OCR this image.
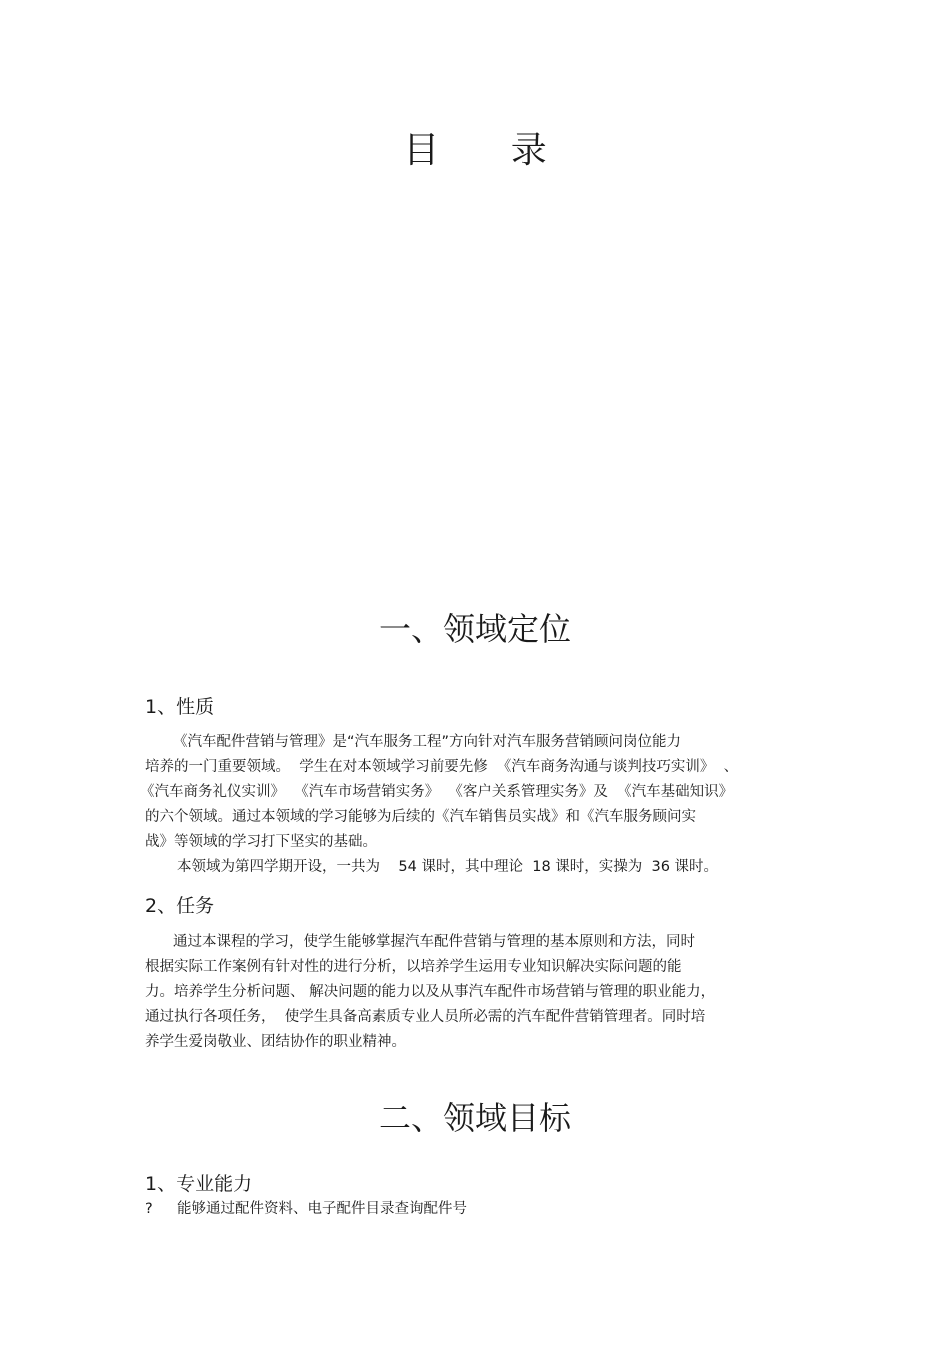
目 录
一、领域定位
1、性质
《汽车配件营销与管理》是“汽车服务工程”方向针对汽车服务营销顾问岗位能力
培养的一门重要领域。  学生在对本领域学习前要先修  《汽车商务沟通与谈判技巧实训》  、
《汽车商务礼仪实训》  《汽车市场营销实务》  《客户关系管理实务》及  《汽车基础知识》
的六个领域。通过本领域的学习能够为后续的《汽车销售员实战》和《汽车服务顾问实
战》等领域的学习打下坚实的基础。
本领域为第四学期开设，一共为    54 课时，其中理论  18 课时，实操为  36 课时。
2、任务
通过本课程的学习，使学生能够掌握汽车配件营销与管理的基本原则和方法，同时
根据实际工作案例有针对性的进行分析，以培养学生运用专业知识解决实际问题的能
力。培养学生分析问题、 解决问题的能力以及从事汽车配件市场营销与管理的职业能力，
通过执行各项任务，  使学生具备高素质专业人员所必需的汽车配件营销管理者。同时培
养学生爱岗敬业、团结协作的职业精神。
二、领域目标
1、专业能力
? 能够通过配件资料、电子配件目录查询配件号
